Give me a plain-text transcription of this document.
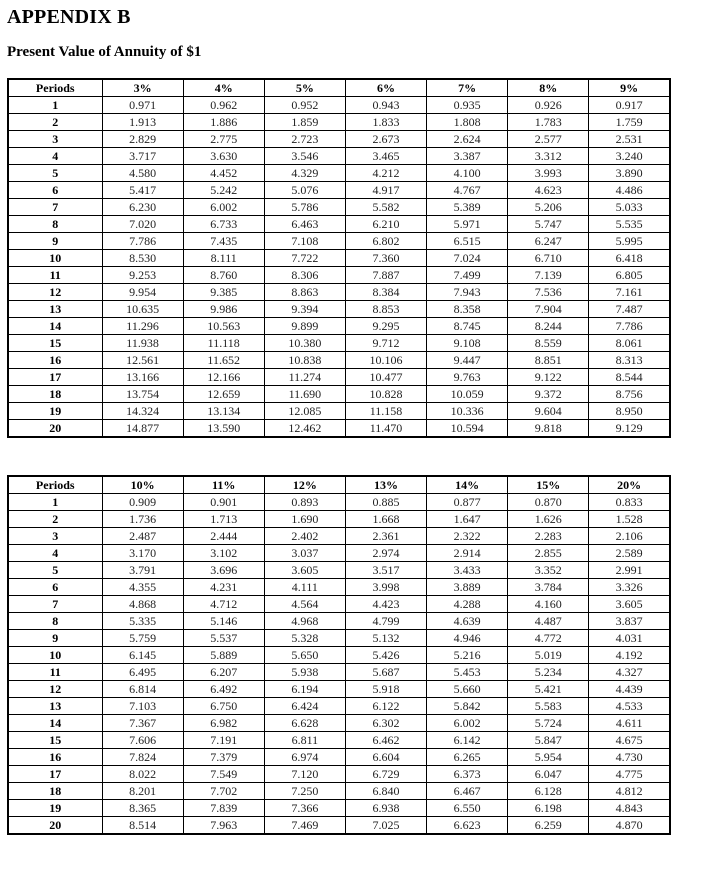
APPENDIX B
Present Value of Annuity of $1
Periods	3%	4%	5%	6%	7%	8%	9%
1	0.971	0.962	0.952	0.943	0.935	0.926	0.917
2	1.913	1.886	1.859	1.833	1.808	1.783	1.759
3	2.829	2.775	2.723	2.673	2.624	2.577	2.531
4	3.717	3.630	3.546	3.465	3.387	3.312	3.240
5	4.580	4.452	4.329	4.212	4.100	3.993	3.890
6	5.417	5.242	5.076	4.917	4.767	4.623	4.486
7	6.230	6.002	5.786	5.582	5.389	5.206	5.033
8	7.020	6.733	6.463	6.210	5.971	5.747	5.535
9	7.786	7.435	7.108	6.802	6.515	6.247	5.995
10	8.530	8.111	7.722	7.360	7.024	6.710	6.418
11	9.253	8.760	8.306	7.887	7.499	7.139	6.805
12	9.954	9.385	8.863	8.384	7.943	7.536	7.161
13	10.635	9.986	9.394	8.853	8.358	7.904	7.487
14	11.296	10.563	9.899	9.295	8.745	8.244	7.786
15	11.938	11.118	10.380	9.712	9.108	8.559	8.061
16	12.561	11.652	10.838	10.106	9.447	8.851	8.313
17	13.166	12.166	11.274	10.477	9.763	9.122	8.544
18	13.754	12.659	11.690	10.828	10.059	9.372	8.756
19	14.324	13.134	12.085	11.158	10.336	9.604	8.950
20	14.877	13.590	12.462	11.470	10.594	9.818	9.129
Periods	10%	11%	12%	13%	14%	15%	20%
1	0.909	0.901	0.893	0.885	0.877	0.870	0.833
2	1.736	1.713	1.690	1.668	1.647	1.626	1.528
3	2.487	2.444	2.402	2.361	2.322	2.283	2.106
4	3.170	3.102	3.037	2.974	2.914	2.855	2.589
5	3.791	3.696	3.605	3.517	3.433	3.352	2.991
6	4.355	4.231	4.111	3.998	3.889	3.784	3.326
7	4.868	4.712	4.564	4.423	4.288	4.160	3.605
8	5.335	5.146	4.968	4.799	4.639	4.487	3.837
9	5.759	5.537	5.328	5.132	4.946	4.772	4.031
10	6.145	5.889	5.650	5.426	5.216	5.019	4.192
11	6.495	6.207	5.938	5.687	5.453	5.234	4.327
12	6.814	6.492	6.194	5.918	5.660	5.421	4.439
13	7.103	6.750	6.424	6.122	5.842	5.583	4.533
14	7.367	6.982	6.628	6.302	6.002	5.724	4.611
15	7.606	7.191	6.811	6.462	6.142	5.847	4.675
16	7.824	7.379	6.974	6.604	6.265	5.954	4.730
17	8.022	7.549	7.120	6.729	6.373	6.047	4.775
18	8.201	7.702	7.250	6.840	6.467	6.128	4.812
19	8.365	7.839	7.366	6.938	6.550	6.198	4.843
20	8.514	7.963	7.469	7.025	6.623	6.259	4.870
